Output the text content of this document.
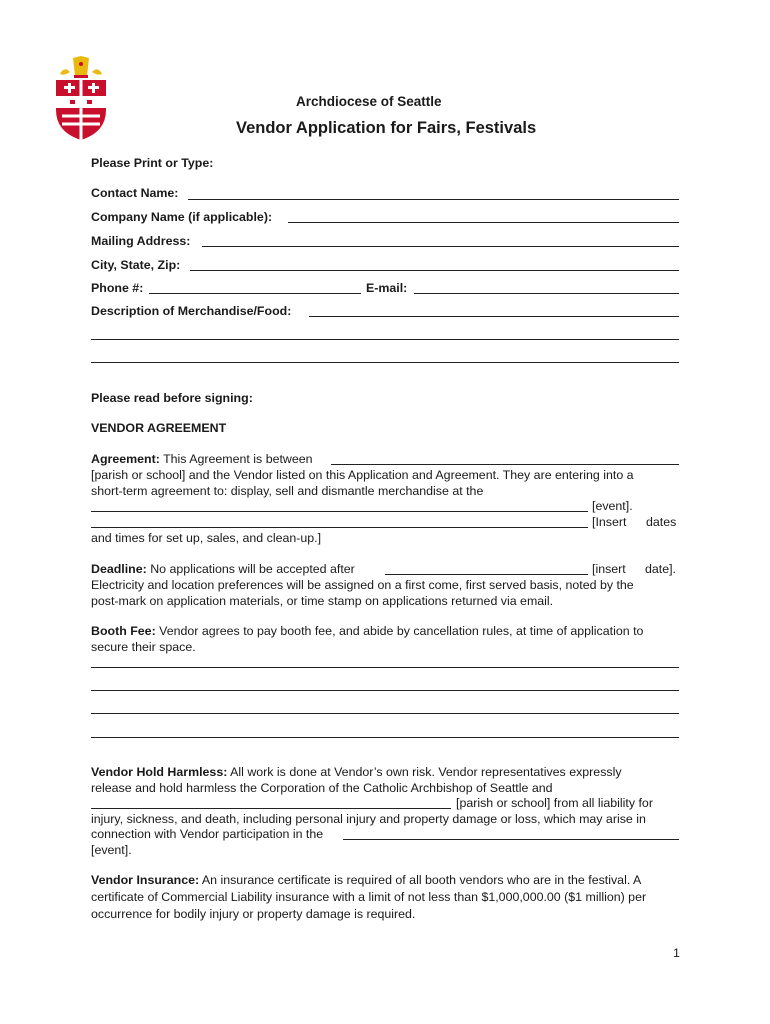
Archdiocese of Seattle
Vendor Application for Fairs, Festivals
Please Print or Type:
Contact Name:
Company Name (if applicable):
Mailing Address:
City, State, Zip:
Phone #:	E-mail:
Description of Merchandise/Food:
Please read before signing:
VENDOR AGREEMENT
Agreement: This Agreement is between
[parish or school] and the Vendor listed on this Application and Agreement. They are entering into a
short-term agreement to: display, sell and dismantle merchandise at the
[event].
[Insert dates
and times for set up, sales, and clean-up.]
Deadline: No applications will be accepted after	[insert date].
Electricity and location preferences will be assigned on a first come, first served basis, noted by the
post-mark on application materials, or time stamp on applications returned via email.
Booth Fee: Vendor agrees to pay booth fee, and abide by cancellation rules, at time of application to
secure their space.
Vendor Hold Harmless: All work is done at Vendor’s own risk. Vendor representatives expressly
release and hold harmless the Corporation of the Catholic Archbishop of Seattle and
[parish or school] from all liability for
injury, sickness, and death, including personal injury and property damage or loss, which may arise in
connection with Vendor participation in the
[event].
Vendor Insurance: An insurance certificate is required of all booth vendors who are in the festival. A
certificate of Commercial Liability insurance with a limit of not less than $1,000,000.00 ($1 million) per
occurrence for bodily injury or property damage is required.
1
